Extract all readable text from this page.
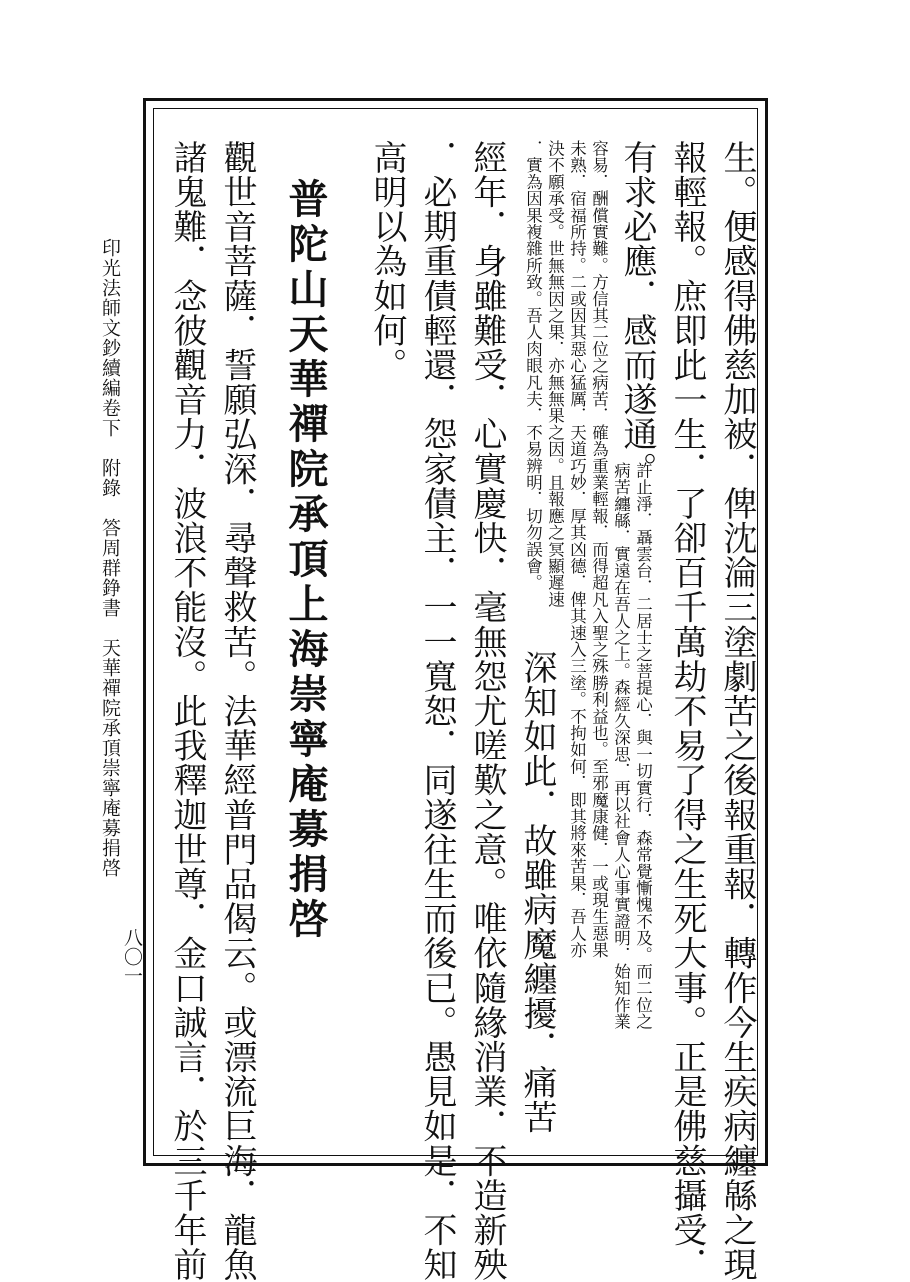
印光法師文鈔續編卷下　附錄　答周群錚書　天華禪院承頂崇寧庵募捐啓

八〇一	生。便感得佛慈加被．俾沈淪三塗劇苦之後報重報．轉作今生疾病纏緜之現

報輕報。庶即此一生．了卻百千萬劫不易了得之生死大事。正是佛慈攝受．

有求必應．感而遂通。

許止淨．聶雲台．二居士之菩提心．與一切實行．森常覺慚愧不及。而二位之

病苦纏緜．實遠在吾人之上。森經久深思．再以社會人心事實證明．始知作業

容易．酬償實難。方信其二位之病苦．確為重業輕報．而得超凡入聖之殊勝利益也。至邪魔康健．一或現生惡果

未熟．宿福所持。二或因其惡心猛厲．天道巧妙．厚其凶德．俾其速入三塗。不拘如何．即其將來苦果．吾人亦

決不願承受。世無無因之果．亦無無果之因。且報應之冥顯遲速

．實為因果複雜所致。吾人肉眼凡夫．不易辨明．切勿誤會。

深知如此．故雖病魔纏擾．痛苦

經年．身雖難受．心實慶快．毫無怨尤嗟歎之意。唯依隨緣消業．不造新殃

．必期重債輕還．怨家債主．一一寬恕．同遂往生而後已。愚見如是．不知

高明以為如何。

普陀山天華禪院承頂上海崇寧庵募捐啓

觀世音菩薩．誓願弘深．尋聲救苦。法華經普門品偈云。或漂流巨海．龍魚

諸鬼難．念彼觀音力．波浪不能沒。此我釋迦世尊．金口誠言．於三千年前
